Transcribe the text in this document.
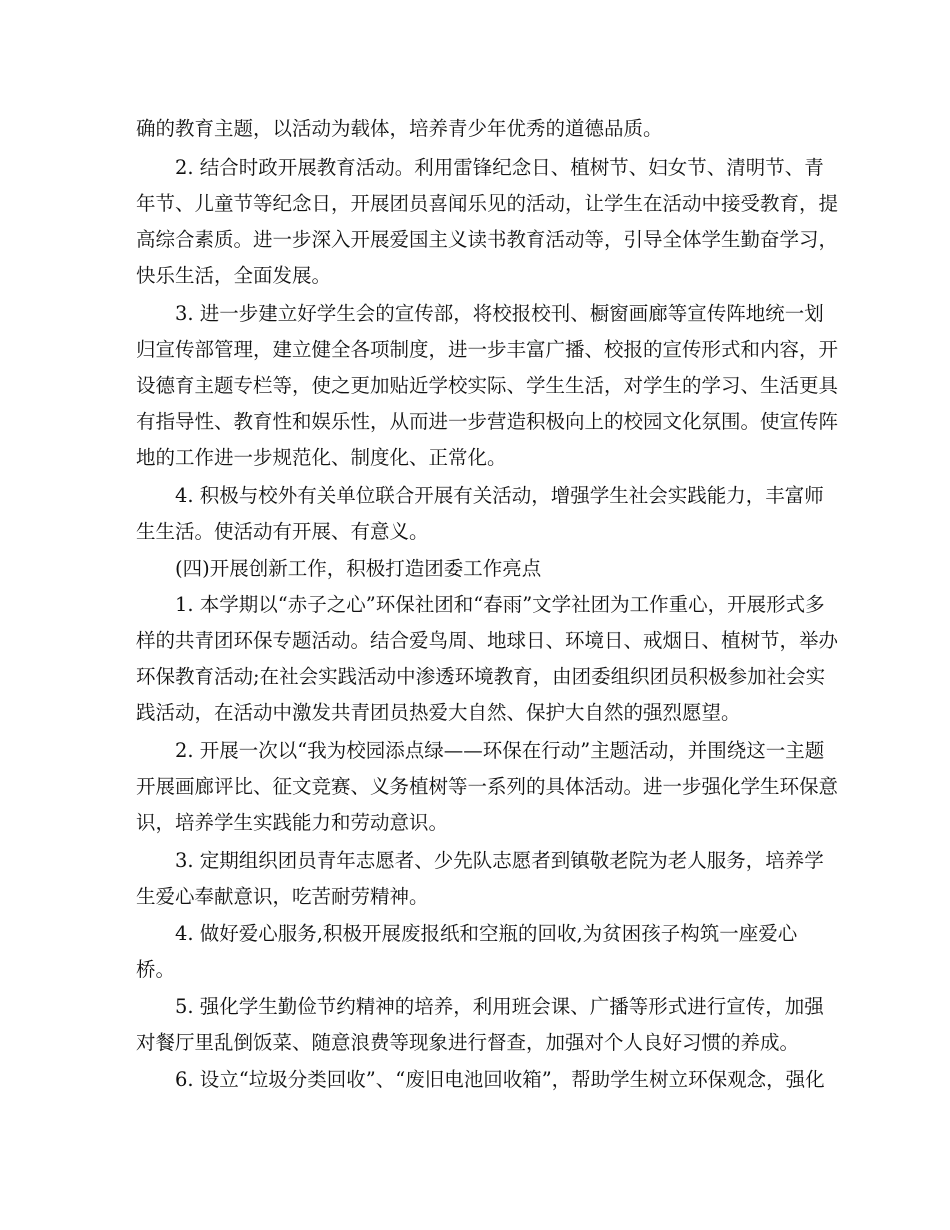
确的教育主题，以活动为载体，培养青少年优秀的道德品质。
2. 结合时政开展教育活动。利用雷锋纪念日、植树节、妇女节、清明节、青
年节、儿童节等纪念日，开展团员喜闻乐见的活动，让学生在活动中接受教育，提
高综合素质。进一步深入开展爱国主义读书教育活动等，引导全体学生勤奋学习，
快乐生活，全面发展。
3. 进一步建立好学生会的宣传部，将校报校刊、橱窗画廊等宣传阵地统一划
归宣传部管理，建立健全各项制度，进一步丰富广播、校报的宣传形式和内容，开
设德育主题专栏等，使之更加贴近学校实际、学生生活，对学生的学习、生活更具
有指导性、教育性和娱乐性，从而进一步营造积极向上的校园文化氛围。使宣传阵
地的工作进一步规范化、制度化、正常化。
4. 积极与校外有关单位联合开展有关活动，增强学生社会实践能力，丰富师
生生活。使活动有开展、有意义。
(四)开展创新工作，积极打造团委工作亮点
1. 本学期以“赤子之心”环保社团和“春雨”文学社团为工作重心，开展形式多
样的共青团环保专题活动。结合爱鸟周、地球日、环境日、戒烟日、植树节，举办
环保教育活动;在社会实践活动中渗透环境教育，由团委组织团员积极参加社会实
践活动，在活动中激发共青团员热爱大自然、保护大自然的强烈愿望。
2. 开展一次以“我为校园添点绿——环保在行动”主题活动，并围绕这一主题
开展画廊评比、征文竞赛、义务植树等一系列的具体活动。进一步强化学生环保意
识，培养学生实践能力和劳动意识。
3. 定期组织团员青年志愿者、少先队志愿者到镇敬老院为老人服务，培养学
生爱心奉献意识，吃苦耐劳精神。
4. 做好爱心服务,积极开展废报纸和空瓶的回收,为贫困孩子构筑一座爱心
桥。
5. 强化学生勤俭节约精神的培养，利用班会课、广播等形式进行宣传，加强
对餐厅里乱倒饭菜、随意浪费等现象进行督查，加强对个人良好习惯的养成。
6. 设立“垃圾分类回收”、“废旧电池回收箱”，帮助学生树立环保观念，强化
